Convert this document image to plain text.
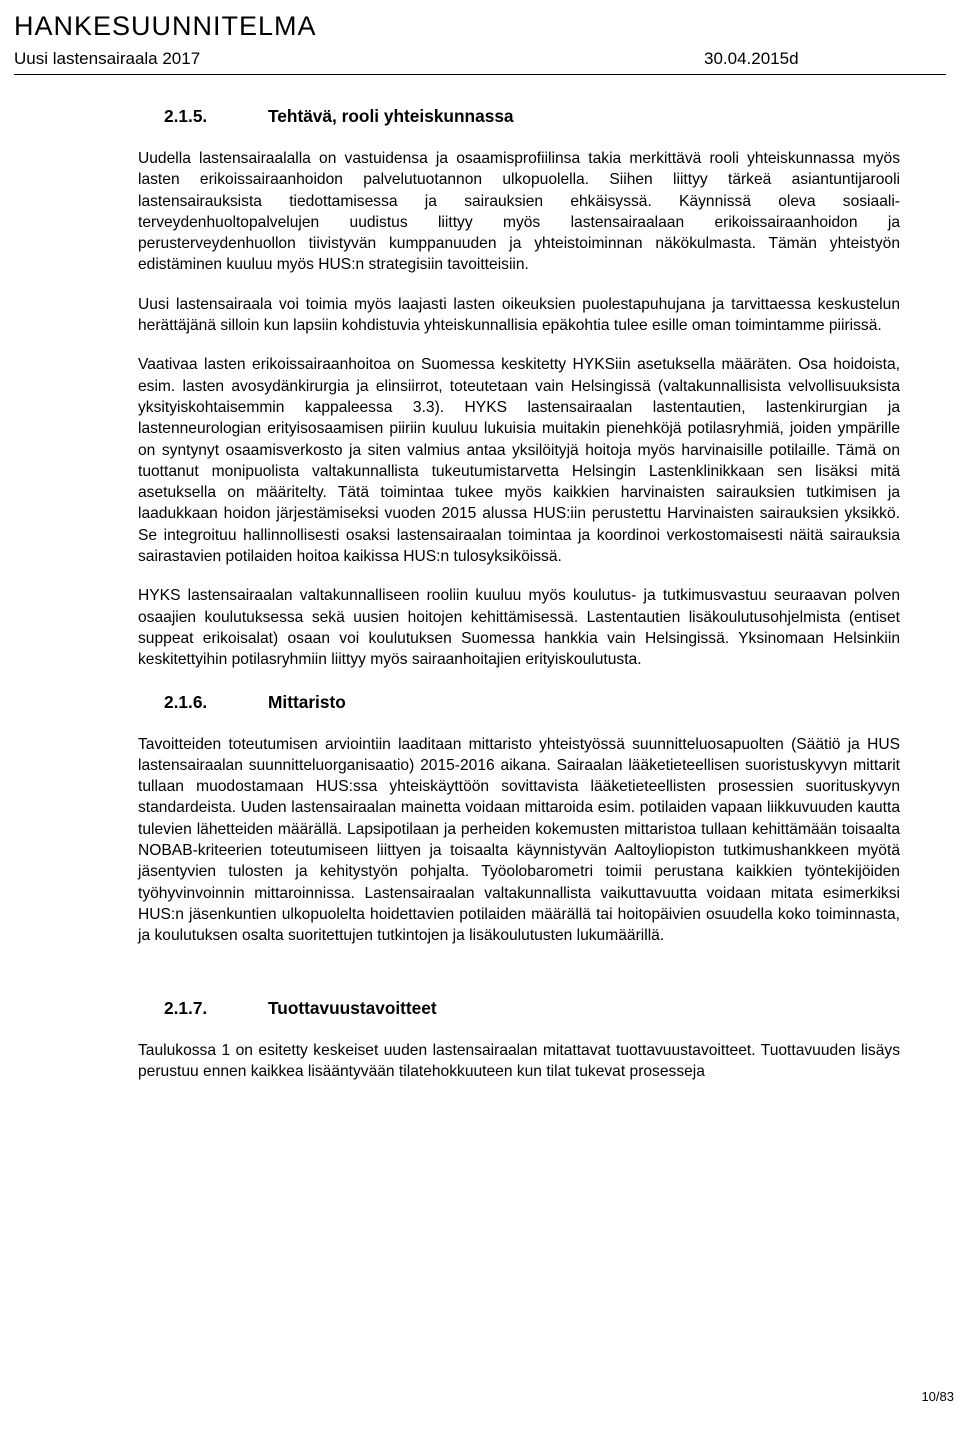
HANKESUUNNITELMA
Uusi lastensairaala 2017	30.04.2015d
2.1.5.	Tehtävä, rooli yhteiskunnassa

Uudella lastensairaalalla on vastuidensa ja osaamisprofiilinsa takia merkittävä rooli yhteiskunnassa myös lasten erikoissairaanhoidon palvelutuotannon ulkopuolella. Siihen liittyy tärkeä asiantuntijarooli lastensairauksista tiedottamisessa ja sairauksien ehkäisyssä. Käynnissä oleva sosiaali- terveydenhuoltopalvelujen uudistus liittyy myös lastensairaalaan erikoissairaanhoidon ja perusterveydenhuollon tiivistyvän kumppanuuden ja yhteistoiminnan näkökulmasta. Tämän yhteistyön edistäminen kuuluu myös HUS:n strategisiin tavoitteisiin.

Uusi lastensairaala voi toimia myös laajasti lasten oikeuksien puolestapuhujana ja tarvittaessa keskustelun herättäjänä silloin kun lapsiin kohdistuvia yhteiskunnallisia epäkohtia tulee esille oman toimintamme piirissä.

Vaativaa lasten erikoissairaanhoitoa on Suomessa keskitetty HYKSiin asetuksella määräten. Osa hoidoista, esim. lasten avosydänkirurgia ja elinsiirrot, toteutetaan vain Helsingissä (valtakunnallisista velvollisuuksista yksityiskohtaisemmin kappaleessa 3.3). HYKS lastensairaalan lastentautien, lastenkirurgian ja lastenneurologian erityisosaamisen piiriin kuuluu lukuisia muitakin pienehköjä potilasryhmiä, joiden ympärille on syntynyt osaamisverkosto ja siten valmius antaa yksilöityjä hoitoja myös harvinaisille potilaille. Tämä on tuottanut monipuolista valtakunnallista tukeutumistarvetta Helsingin Lastenklinikkaan sen lisäksi mitä asetuksella on määritelty. Tätä toimintaa tukee myös kaikkien harvinaisten sairauksien tutkimisen ja laadukkaan hoidon järjestämiseksi vuoden 2015 alussa HUS:iin perustettu Harvinaisten sairauksien yksikkö. Se integroituu hallinnollisesti osaksi lastensairaalan toimintaa ja koordinoi verkostomaisesti näitä sairauksia sairastavien potilaiden hoitoa kaikissa HUS:n tulosyksiköissä.

HYKS lastensairaalan valtakunnalliseen rooliin kuuluu myös koulutus- ja tutkimusvastuu seuraavan polven osaajien koulutuksessa sekä uusien hoitojen kehittämisessä. Lastentautien lisäkoulutusohjelmista (entiset suppeat erikoisalat) osaan voi koulutuksen Suomessa hankkia vain Helsingissä. Yksinomaan Helsinkiin keskitettyihin potilasryhmiin liittyy myös sairaanhoitajien erityiskoulutusta.

2.1.6.	Mittaristo

Tavoitteiden toteutumisen arviointiin laaditaan mittaristo yhteistyössä suunnitteluosapuolten (Säätiö ja HUS lastensairaalan suunnitteluorganisaatio) 2015-2016 aikana. Sairaalan lääketieteellisen suoristuskyvyn mittarit tullaan muodostamaan HUS:ssa yhteiskäyttöön sovittavista lääketieteellisten prosessien suorituskyvyn standardeista. Uuden lastensairaalan mainetta voidaan mittaroida esim. potilaiden vapaan liikkuvuuden kautta tulevien lähetteiden määrällä. Lapsipotilaan ja perheiden kokemusten mittaristoa tullaan kehittämään toisaalta NOBAB-kriteerien toteutumiseen liittyen ja toisaalta käynnistyvän Aaltoyliopiston tutkimushankkeen myötä jäsentyvien tulosten ja kehitystyön pohjalta. Työolobarometri toimii perustana kaikkien työntekijöiden työhyvinvoinnin mittaroinnissa. Lastensairaalan valtakunnallista vaikuttavuutta voidaan mitata esimerkiksi HUS:n jäsenkuntien ulkopuolelta hoidettavien potilaiden määrällä tai hoitopäivien osuudella koko toiminnasta, ja koulutuksen osalta suoritettujen tutkintojen ja lisäkoulutusten lukumäärillä.

2.1.7.	Tuottavuustavoitteet

Taulukossa 1 on esitetty keskeiset uuden lastensairaalan mitattavat tuottavuustavoitteet. Tuottavuuden lisäys perustuu ennen kaikkea lisääntyvään tilatehokkuuteen kun tilat tukevat prosesseja

10/83
